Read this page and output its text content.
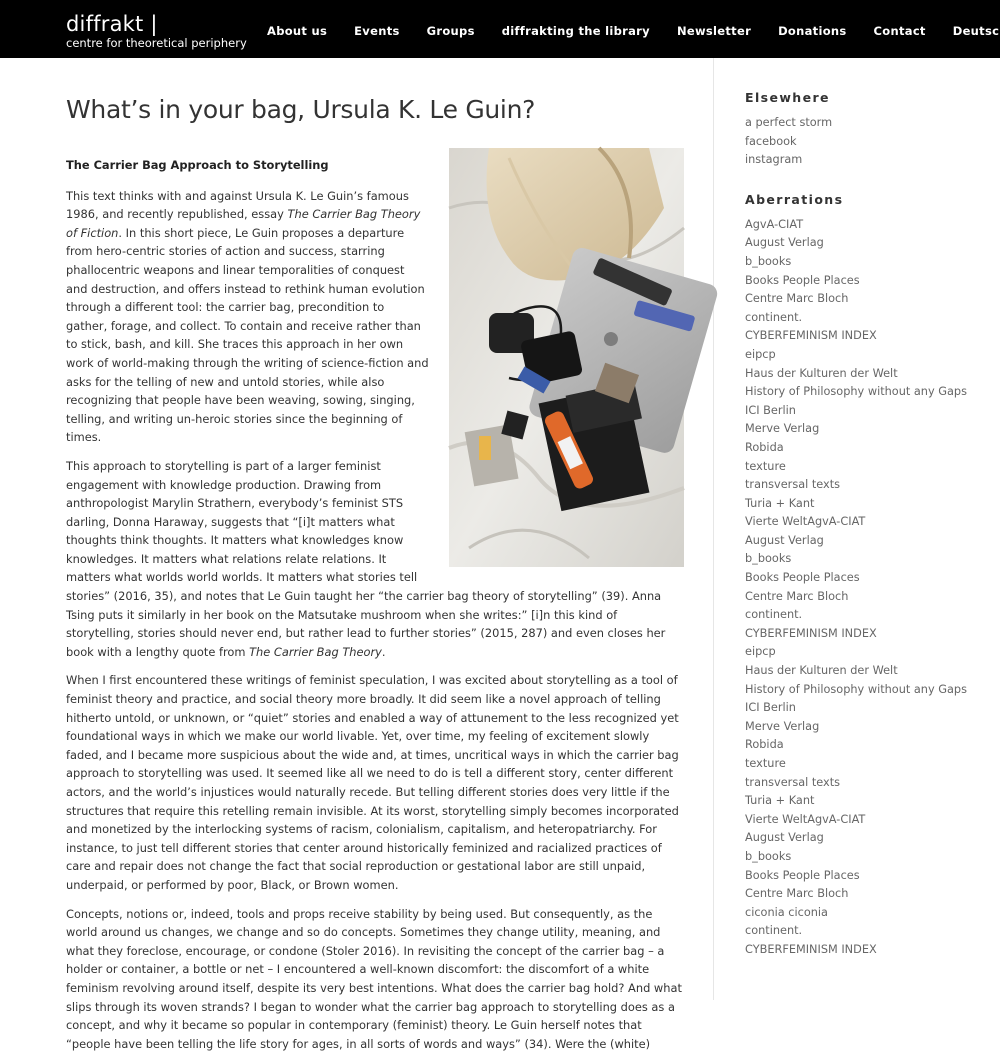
diffrakt |
centre for theoretical periphery
About us Events Groups diffrakting the library Newsletter Donations Contact Deutsch
What’s in your bag, Ursula K. Le Guin?

The Carrier Bag Approach to Storytelling

This text thinks with and against Ursula K. Le Guin’s famous 1986, and recently republished, essay The Carrier Bag Theory of Fiction. In this short piece, Le Guin proposes a departure from hero-centric stories of action and success, starring phallocentric weapons and linear temporalities of conquest and destruction, and offers instead to rethink human evolution through a different tool: the carrier bag, precondition to gather, forage, and collect. To contain and receive rather than to stick, bash, and kill. She traces this approach in her own work of world-making through the writing of science-fiction and asks for the telling of new and untold stories, while also recognizing that people have been weaving, sowing, singing, telling, and writing un-heroic stories since the beginning of times.

This approach to storytelling is part of a larger feminist engagement with knowledge production. Drawing from anthropologist Marylin Strathern, everybody’s feminist STS darling, Donna Haraway, suggests that “[i]t matters what thoughts think thoughts. It matters what knowledges know knowledges. It matters what relations relate relations. It matters what worlds world worlds. It matters what stories tell stories” (2016, 35), and notes that Le Guin taught her “the carrier bag theory of storytelling” (39). Anna Tsing puts it similarly in her book on the Matsutake mushroom when she writes:” [i]n this kind of storytelling, stories should never end, but rather lead to further stories” (2015, 287) and even closes her book with a lengthy quote from The Carrier Bag Theory.

When I first encountered these writings of feminist speculation, I was excited about storytelling as a tool of feminist theory and practice, and social theory more broadly. It did seem like a novel approach of telling hitherto untold, or unknown, or “quiet” stories and enabled a way of attunement to the less recognized yet foundational ways in which we make our world livable. Yet, over time, my feeling of excitement slowly faded, and I became more suspicious about the wide and, at times, uncritical ways in which the carrier bag approach to storytelling was used. It seemed like all we need to do is tell a different story, center different actors, and the world’s injustices would naturally recede. But telling different stories does very little if the structures that require this retelling remain invisible. At its worst, storytelling simply becomes incorporated and monetized by the interlocking systems of racism, colonialism, capitalism, and heteropatriarchy. For instance, to just tell different stories that center around historically feminized and racialized practices of care and repair does not change the fact that social reproduction or gestational labor are still unpaid, underpaid, or performed by poor, Black, or Brown women.

Concepts, notions or, indeed, tools and props receive stability by being used. But consequently, as the world around us changes, we change and so do concepts. Sometimes they change utility, meaning, and what they foreclose, encourage, or condone (Stoler 2016). In revisiting the concept of the carrier bag – a holder or container, a bottle or net – I encountered a well-known discomfort: the discomfort of a white feminism revolving around itself, despite its very best intentions. What does the carrier bag hold? And what slips through its woven strands? I began to wonder what the carrier bag approach to storytelling does as a concept, and why it became so popular in contemporary (feminist) theory. Le Guin herself notes that “people have been telling the life story for ages, in all sorts of words and ways” (34). Were the (white)

Elsewhere
a perfect storm
facebook
instagram
Aberrations
AgvA-CIAT
August Verlag
b_books
Books People Places
Centre Marc Bloch
continent.
CYBERFEMINISM INDEX
eipcp
Haus der Kulturen der Welt
History of Philosophy without any Gaps
ICI Berlin
Merve Verlag
Robida
texture
transversal texts
Turia + Kant
Vierte WeltAgvA-CIAT
August Verlag
b_books
Books People Places
Centre Marc Bloch
continent.
CYBERFEMINISM INDEX
eipcp
Haus der Kulturen der Welt
History of Philosophy without any Gaps
ICI Berlin
Merve Verlag
Robida
texture
transversal texts
Turia + Kant
Vierte WeltAgvA-CIAT
August Verlag
b_books
Books People Places
Centre Marc Bloch
ciconia ciconia
continent.
CYBERFEMINISM INDEX
